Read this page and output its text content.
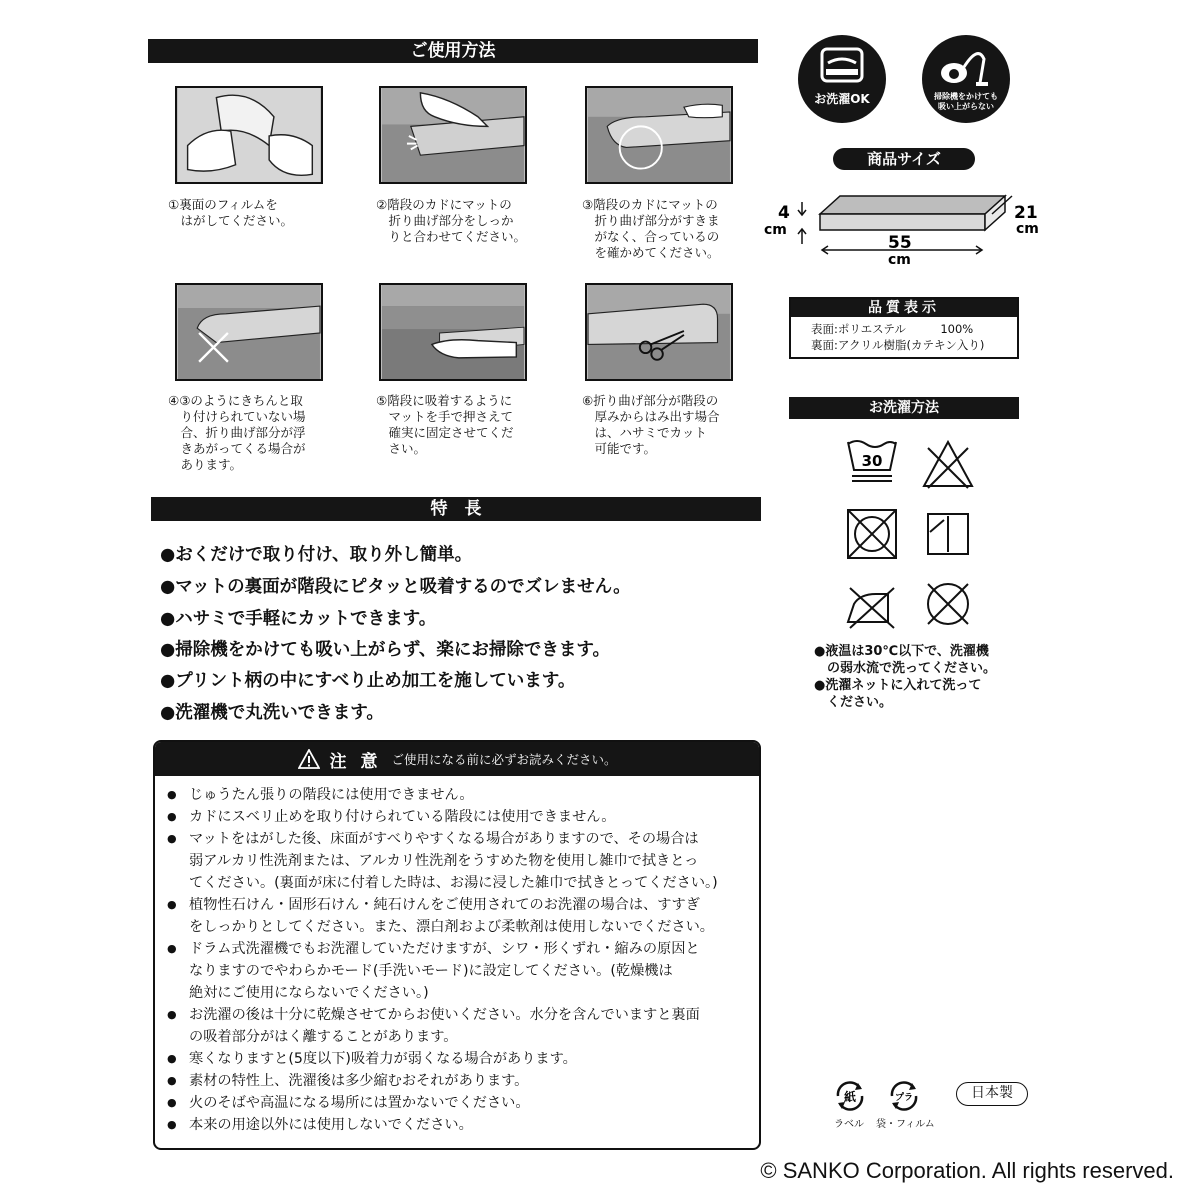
ご使用方法
①裏面のフィルムを
　はがしてください。
②階段のカドにマットの
　折り曲げ部分をしっか
　りと合わせてください。
③階段のカドにマットの
　折り曲げ部分がすきま
　がなく、合っているの
　を確かめてください。
④③のようにきちんと取
　り付けられていない場
　合、折り曲げ部分が浮
　きあがってくる場合が
　あります。
⑤階段に吸着するように
　マットを手で押さえて
　確実に固定させてくだ
　さい。
⑥折り曲げ部分が階段の
　厚みからはみ出す場合
　は、ハサミでカット
　可能です。
特　長
●おくだけで取り付け、取り外し簡単。
●マットの裏面が階段にピタッと吸着するのでズレません。
●ハサミで手軽にカットできます。
●掃除機をかけても吸い上がらず、楽にお掃除できます。
●プリント柄の中にすべり止め加工を施しています。
●洗濯機で丸洗いできます。
注 意 ご使用になる前に必ずお読みください。
● じゅうたん張りの階段には使用できません。
● カドにスベリ止めを取り付けられている階段には使用できません。
● マットをはがした後、床面がすべりやすくなる場合がありますので、その場合は
弱アルカリ性洗剤または、アルカリ性洗剤をうすめた物を使用し雑巾で拭きとっ
てください。(裏面が床に付着した時は、お湯に浸した雑巾で拭きとってください。)
● 植物性石けん・固形石けん・純石けんをご使用されてのお洗濯の場合は、すすぎ
をしっかりとしてください。また、漂白剤および柔軟剤は使用しないでください。
● ドラム式洗濯機でもお洗濯していただけますが、シワ・形くずれ・縮みの原因と
なりますのでやわらかモード(手洗いモード)に設定してください。(乾燥機は
絶対にご使用にならないでください。)
● お洗濯の後は十分に乾燥させてからお使いください。水分を含んでいますと裏面
の吸着部分がはく離することがあります。
● 寒くなりますと(5度以下)吸着力が弱くなる場合があります。
● 素材の特性上、洗濯後は多少縮むおそれがあります。
● 火のそばや高温になる場所には置かないでください。
● 本来の用途以外には使用しないでください。
お洗濯OK	掃除機をかけても
吸い上がらない
商品サイズ
4
cm
55
cm
21
cm
品質表示
表面:ポリエステル　　　100%
裏面:アクリル樹脂(カテキン入り)
お洗濯方法
30
●液温は30℃以下で、洗濯機
　の弱水流で洗ってください。
●洗濯ネットに入れて洗って
　ください。
紙
ラベル
プラ
袋・フィルム
日本製
© SANKO Corporation. All rights reserved.
